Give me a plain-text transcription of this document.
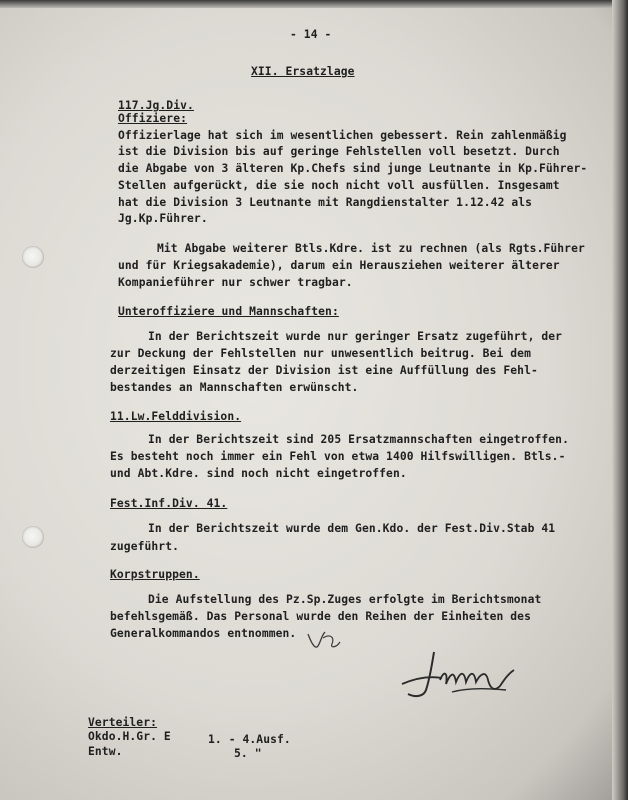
- 14 -
XII. Ersatzlage
117.Jg.Div.
Offiziere:
Offizierlage hat sich im wesentlichen gebessert. Rein zahlenmäßig
ist die Division bis auf geringe Fehlstellen voll besetzt. Durch
die Abgabe von 3 älteren Kp.Chefs sind junge Leutnante in Kp.Führer-
Stellen aufgerückt, die sie noch nicht voll ausfüllen. Insgesamt
hat die Division 3 Leutnante mit Rangdienstalter 1.12.42 als
Jg.Kp.Führer.
Mit Abgabe weiterer Btls.Kdre. ist zu rechnen (als Rgts.Führer
und für Kriegsakademie), darum ein Herausziehen weiterer älterer
Kompanieführer nur schwer tragbar.
Unteroffiziere und Mannschaften:
In der Berichtszeit wurde nur geringer Ersatz zugeführt, der
zur Deckung der Fehlstellen nur unwesentlich beitrug. Bei dem
derzeitigen Einsatz der Division ist eine Auffüllung des Fehl-
bestandes an Mannschaften erwünscht.
11.Lw.Felddivision.
In der Berichtszeit sind 205 Ersatzmannschaften eingetroffen.
Es besteht noch immer ein Fehl von etwa 1400 Hilfswilligen. Btls.-
und Abt.Kdre. sind noch nicht eingetroffen.
Fest.Inf.Div. 41.
In der Berichtszeit wurde dem Gen.Kdo. der Fest.Div.Stab 41
zugeführt.
Korpstruppen.
Die Aufstellung des Pz.Sp.Zuges erfolgte im Berichtsmonat
befehlsgemäß. Das Personal wurde den Reihen der Einheiten des
Generalkommandos entnommen.
Verteiler:
Okdo.H.Gr. E	1. - 4.Ausf.
Entw.	5. "
